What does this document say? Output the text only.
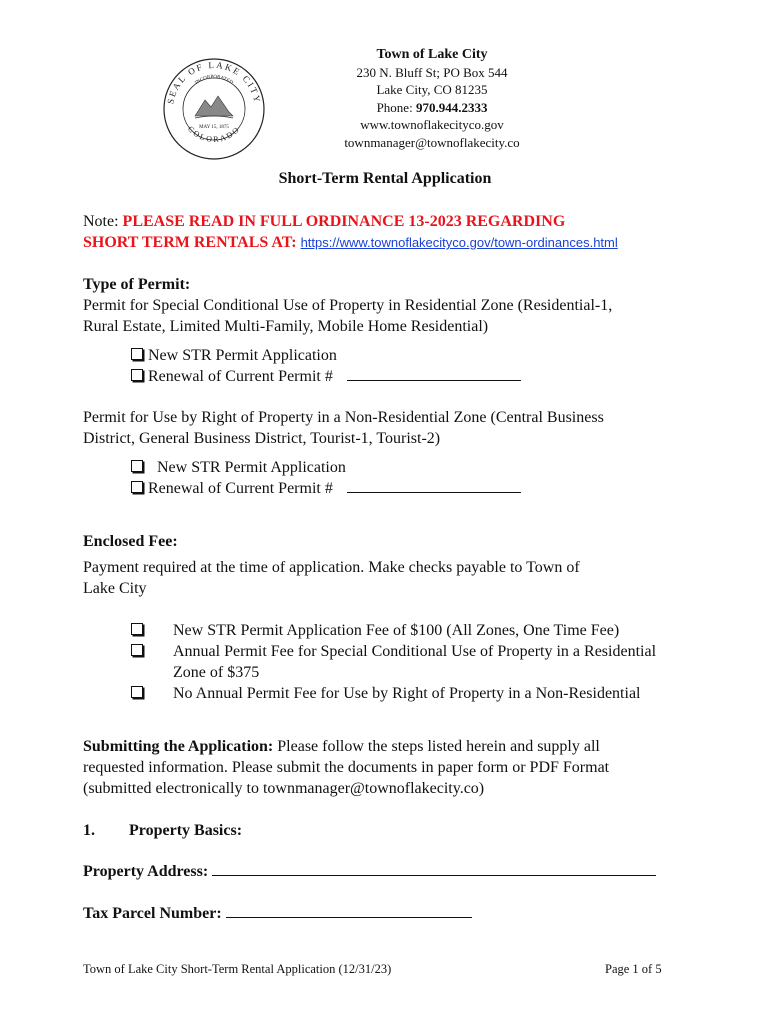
SEAL OF LAKE CITY
COLORADO
INCORPORATED
MAY 15, 1875
Town of Lake City
230 N. Bluff St; PO Box 544
Lake City, CO 81235
Phone: 970.944.2333
www.townoflakecityco.gov
townmanager@townoflakecity.co
Short-Term Rental Application
Note: PLEASE READ IN FULL ORDINANCE 13-2023 REGARDING
SHORT TERM RENTALS AT: https://www.townoflakecityco.gov/town-ordinances.html
Type of Permit:
Permit for Special Conditional Use of Property in Residential Zone (Residential-1,
Rural Estate, Limited Multi-Family, Mobile Home Residential)
New STR Permit Application
Renewal of Current Permit #
Permit for Use by Right of Property in a Non-Residential Zone (Central Business
District, General Business District, Tourist-1, Tourist-2)
New STR Permit Application
Renewal of Current Permit #
Enclosed Fee:
Payment required at the time of application. Make checks payable to Town of
Lake City
New STR Permit Application Fee of $100 (All Zones, One Time Fee)
Annual Permit Fee for Special Conditional Use of Property in a Residential
Zone of $375
No Annual Permit Fee for Use by Right of Property in a Non-Residential
Submitting the Application: Please follow the steps listed herein and supply all
requested information. Please submit the documents in paper form or PDF Format
(submitted electronically to townmanager@townoflakecity.co)
1. Property Basics:
Property Address:
Tax Parcel Number:
Town of Lake City Short-Term Rental Application (12/31/23)	Page 1 of 5
